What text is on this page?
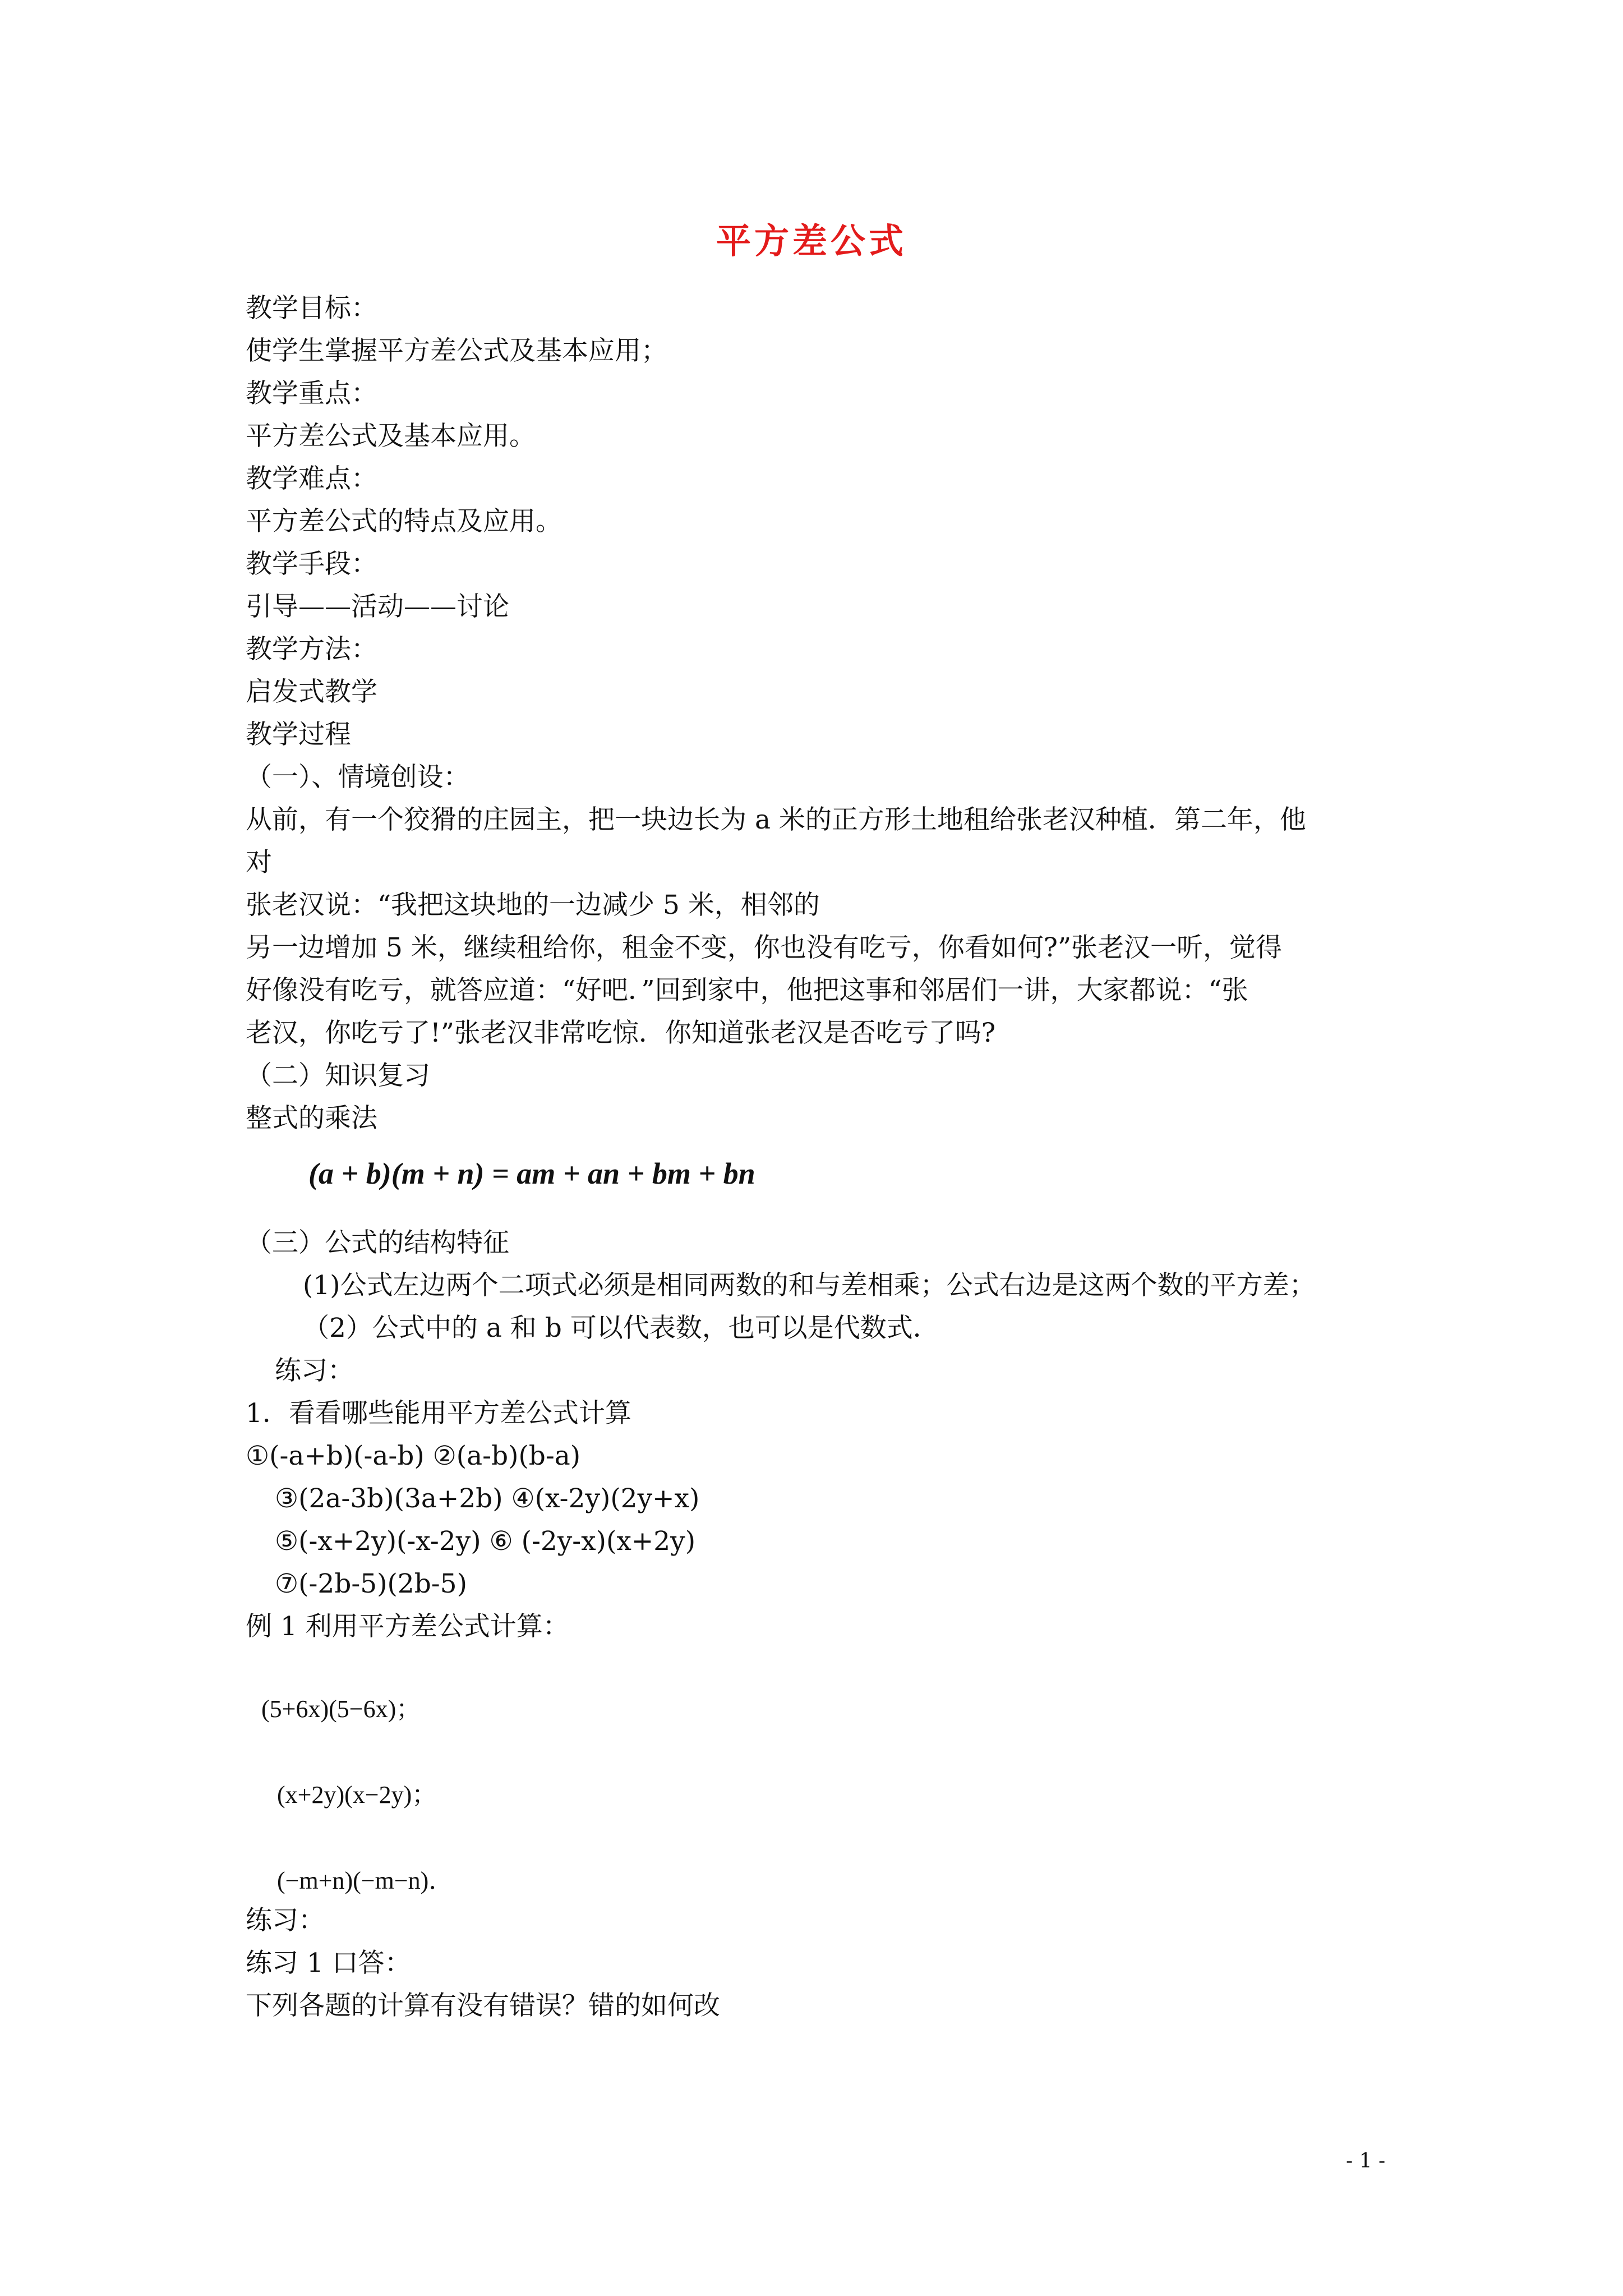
平方差公式
教学目标：
使学生掌握平方差公式及基本应用；
教学重点：
平方差公式及基本应用。
教学难点：
平方差公式的特点及应用。
教学手段：
引导——活动——讨论
教学方法：
启发式教学
教学过程
（一）、情境创设：
从前，有一个狡猾的庄园主，把一块边长为 a 米的正方形土地租给张老汉种植．第二年，他
对
张老汉说：“我把这块地的一边减少 5 米，相邻的
另一边增加 5 米，继续租给你，租金不变，你也没有吃亏，你看如何?”张老汉一听，觉得
好像没有吃亏，就答应道：“好吧．”回到家中，他把这事和邻居们一讲，大家都说：“张
老汉，你吃亏了!”张老汉非常吃惊．你知道张老汉是否吃亏了吗?
（二）知识复习
整式的乘法
(a + b)(m + n) = am + an + bm + bn
（三）公式的结构特征
(1)公式左边两个二项式必须是相同两数的和与差相乘；公式右边是这两个数的平方差；
（2）公式中的 a 和 b 可以代表数，也可以是代数式．
练习：
1．看看哪些能用平方差公式计算
①(-a+b)(-a-b) ②(a-b)(b-a)
③(2a-3b)(3a+2b) ④(x-2y)(2y+x)
⑤(-x+2y)(-x-2y) ⑥ (-2y-x)(x+2y)
⑦(-2b-5)(2b-5)
例 1 利用平方差公式计算：
(5+6x)(5−6x)；
(x+2y)(x−2y)；
(−m+n)(−m−n)．
练习：
练习 1 口答：
下列各题的计算有没有错误？错的如何改
- 1 -
